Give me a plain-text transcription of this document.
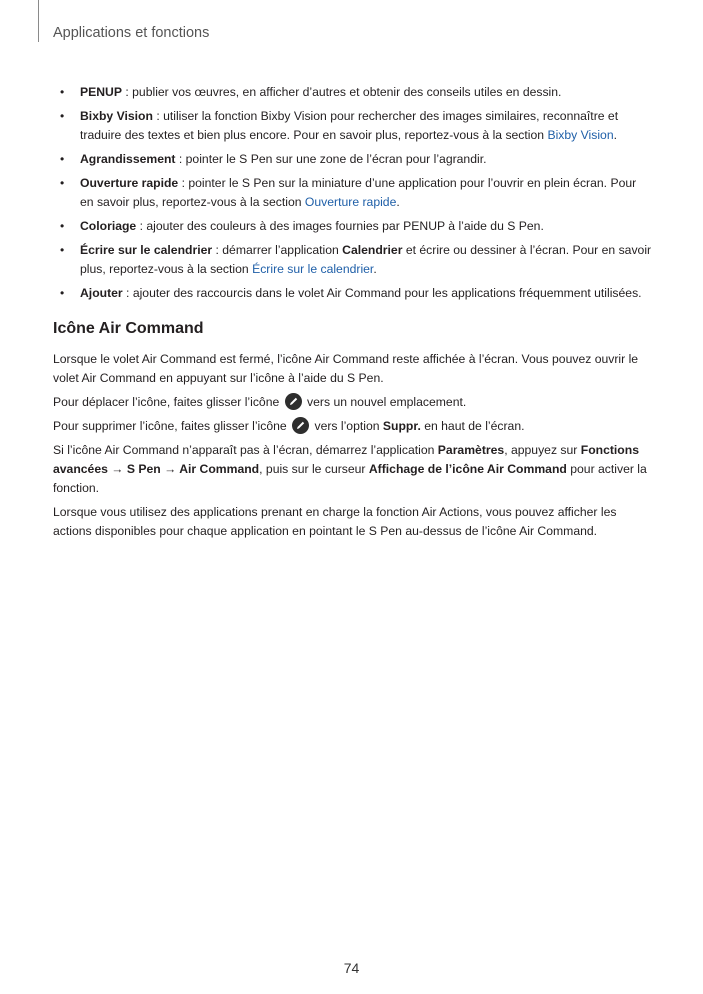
Applications et fonctions
• PENUP : publier vos œuvres, en afficher d’autres et obtenir des conseils utiles en dessin.
• Bixby Vision : utiliser la fonction Bixby Vision pour rechercher des images similaires, reconnaître et traduire des textes et bien plus encore. Pour en savoir plus, reportez-vous à la section Bixby Vision.
• Agrandissement : pointer le S Pen sur une zone de l’écran pour l’agrandir.
• Ouverture rapide : pointer le S Pen sur la miniature d’une application pour l’ouvrir en plein écran. Pour en savoir plus, reportez-vous à la section Ouverture rapide.
• Coloriage : ajouter des couleurs à des images fournies par PENUP à l’aide du S Pen.
• Écrire sur le calendrier : démarrer l’application Calendrier et écrire ou dessiner à l’écran. Pour en savoir plus, reportez-vous à la section Écrire sur le calendrier.
• Ajouter : ajouter des raccourcis dans le volet Air Command pour les applications fréquemment utilisées.
Icône Air Command

Lorsque le volet Air Command est fermé, l’icône Air Command reste affichée à l’écran. Vous pouvez ouvrir le volet Air Command en appuyant sur l’icône à l’aide du S Pen.

Pour déplacer l’icône, faites glisser l’icône
vers un nouvel emplacement.

Pour supprimer l’icône, faites glisser l’icône
vers l’option Suppr. en haut de l’écran.

Si l’icône Air Command n’apparaît pas à l’écran, démarrez l’application Paramètres, appuyez sur Fonctions avancées → S Pen → Air Command, puis sur le curseur Affichage de l’icône Air Command pour activer la fonction.

Lorsque vous utilisez des applications prenant en charge la fonction Air Actions, vous pouvez afficher les actions disponibles pour chaque application en pointant le S Pen au-dessus de l’icône Air Command.

74
